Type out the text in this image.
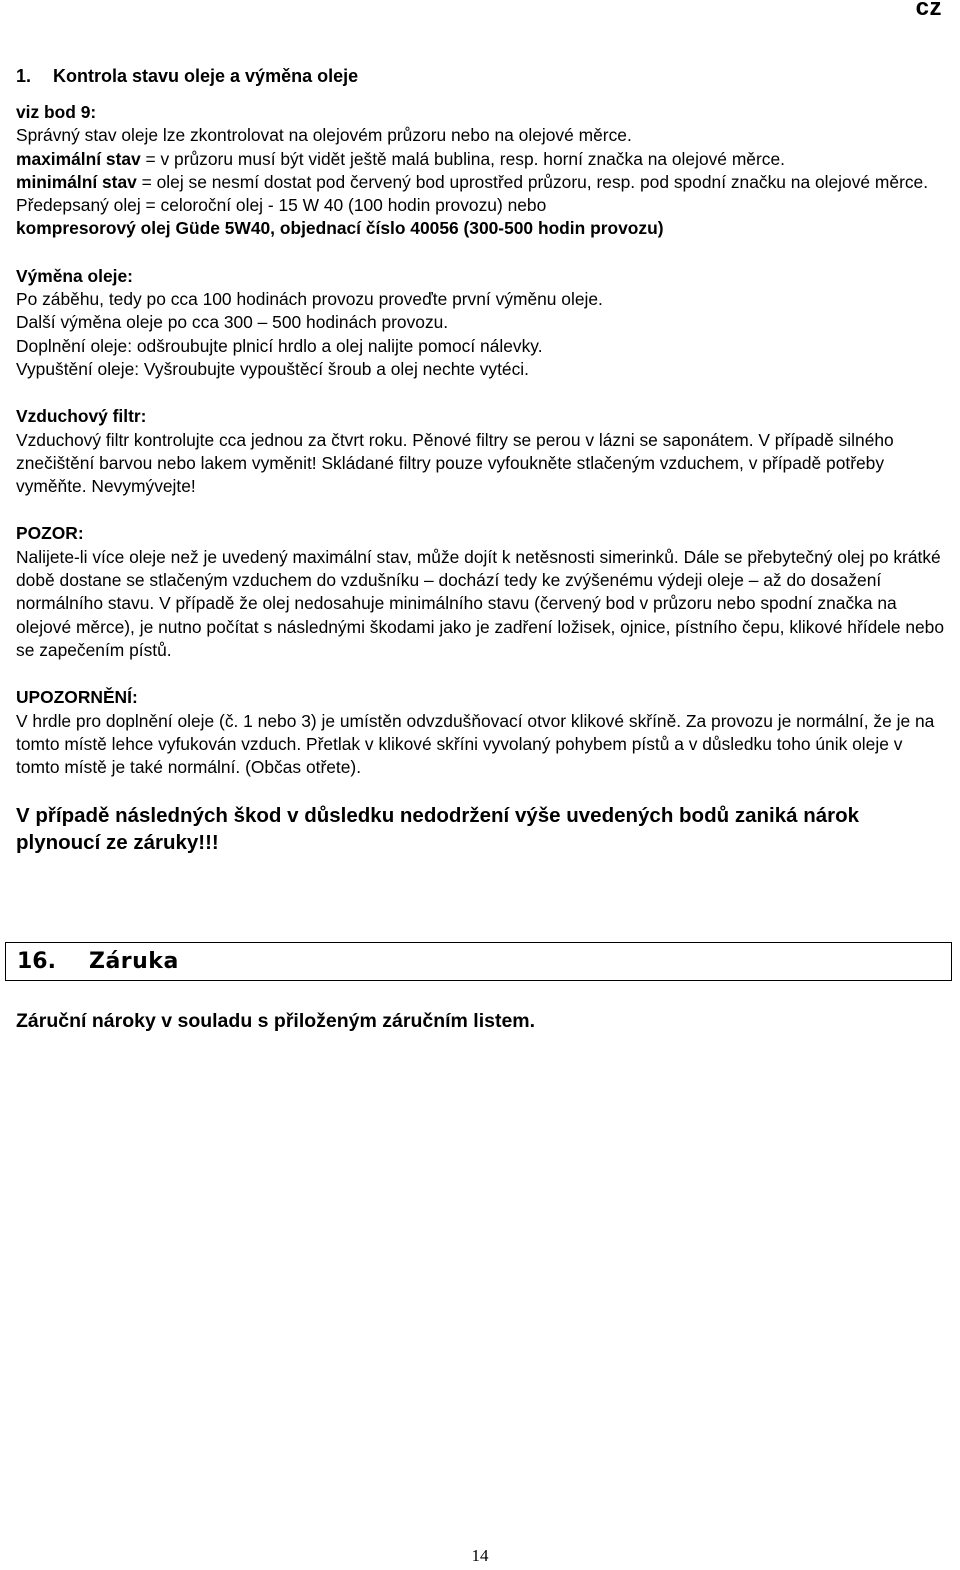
cz
1. Kontrola stavu oleje a výměna oleje

viz bod 9:

Správný stav oleje lze zkontrolovat na olejovém průzoru nebo na olejové měrce.

maximální stav = v průzoru musí být vidět ještě malá bublina, resp. horní značka na olejové měrce.

minimální stav = olej se nesmí dostat pod červený bod uprostřed průzoru, resp. pod spodní značku na olejové měrce.

Předepsaný olej = celoroční olej - 15 W 40 (100 hodin provozu) nebo

kompresorový olej Güde 5W40, objednací číslo 40056 (300-500 hodin provozu)

Výměna oleje:

Po záběhu, tedy po cca 100 hodinách provozu proveďte první výměnu oleje.

Další výměna oleje po cca 300 – 500 hodinách provozu.

Doplnění oleje: odšroubujte plnicí hrdlo a olej nalijte pomocí nálevky.

Vypuštění oleje: Vyšroubujte vypouštěcí šroub a olej nechte vytéci.

Vzduchový filtr:

Vzduchový filtr kontrolujte cca jednou za čtvrt roku. Pěnové filtry se perou v lázni se saponátem. V případě silného znečištění barvou nebo lakem vyměnit! Skládané filtry pouze vyfoukněte stlačeným vzduchem, v případě potřeby vyměňte. Nevymývejte!

POZOR:

Nalijete-li více oleje než je uvedený maximální stav, může dojít k netěsnosti simerinků. Dále se přebytečný olej po krátké době dostane se stlačeným vzduchem do vzdušníku – dochází tedy ke zvýšenému výdeji oleje – až do dosažení normálního stavu. V případě že olej nedosahuje minimálního stavu (červený bod v průzoru nebo spodní značka na olejové měrce), je nutno počítat s následnými škodami jako je zadření ložisek, ojnice, pístního čepu, klikové hřídele nebo se zapečením pístů.

UPOZORNĚNÍ:

V hrdle pro doplnění oleje (č. 1 nebo 3) je umístěn odvzdušňovací otvor klikové skříně. Za provozu je normální, že je na tomto místě lehce vyfukován vzduch. Přetlak v klikové skříni vyvolaný pohybem pístů a v důsledku toho únik oleje v tomto místě je také normální. (Občas otřete).

V případě následných škod v důsledku nedodržení výše uvedených bodů zaniká nárok plynoucí ze záruky!!!

16.	Záruka
Záruční nároky v souladu s přiloženým záručním listem.
14
